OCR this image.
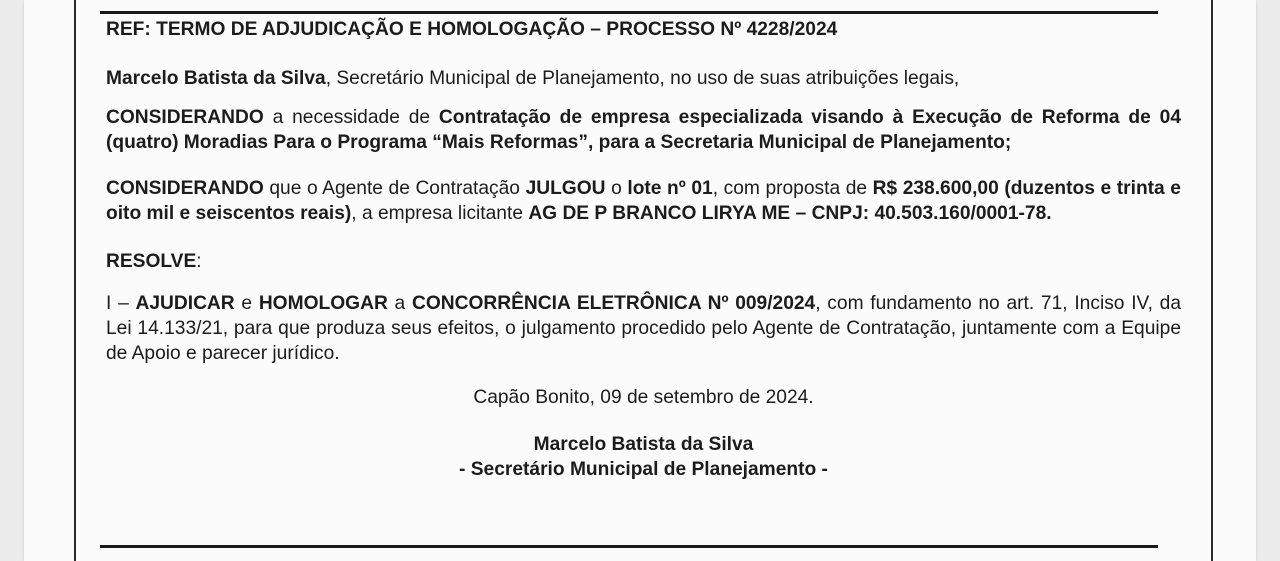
REF: TERMO DE ADJUDICAÇÃO E HOMOLOGAÇÃO – PROCESSO Nº 4228/2024

Marcelo Batista da Silva, Secretário Municipal de Planejamento, no uso de suas atribuições legais,

CONSIDERANDO a necessidade de Contratação de empresa especializada visando à Execução de Reforma de 04 (quatro) Moradias Para o Programa “Mais Reformas”, para a Secretaria Municipal de Planejamento;

CONSIDERANDO que o Agente de Contratação JULGOU o lote nº 01, com proposta de R$ 238.600,00 (duzentos e trinta e oito mil e seiscentos reais), a empresa licitante AG DE P BRANCO LIRYA ME – CNPJ: 40.503.160/0001-78.

RESOLVE:

I – AJUDICAR e HOMOLOGAR a CONCORRÊNCIA ELETRÔNICA Nº 009/2024, com fundamento no art. 71, Inciso IV, da Lei 14.133/21, para que produza seus efeitos, o julgamento procedido pelo Agente de Contratação, juntamente com a Equipe de Apoio e parecer jurídico.

Capão Bonito, 09 de setembro de 2024.

Marcelo Batista da Silva

- Secretário Municipal de Planejamento -
